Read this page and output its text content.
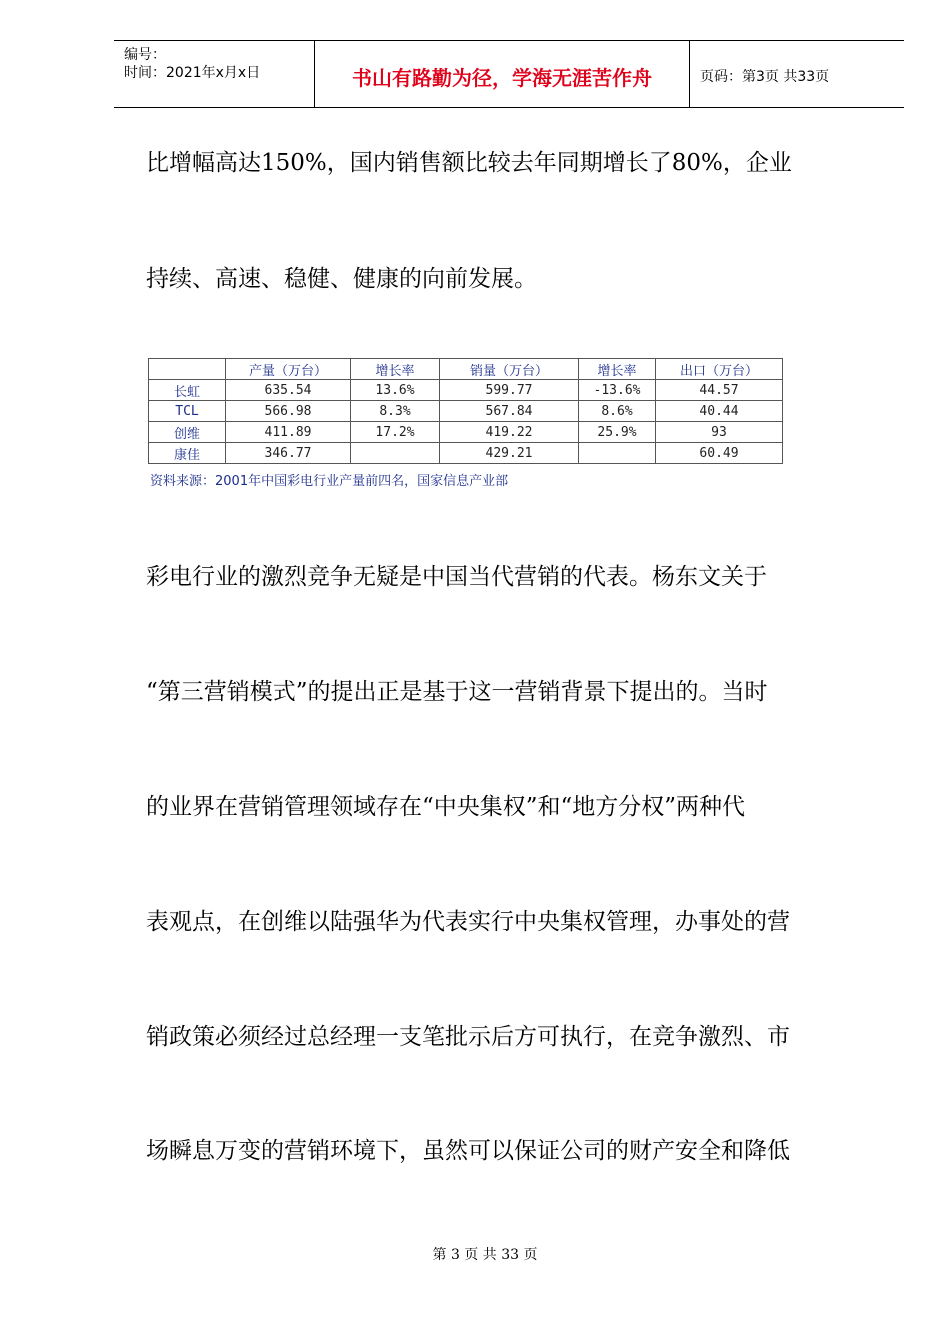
编号：
时间：2021年x月x日	书山有路勤为径，学海无涯苦作舟	页码：第3页 共33页
比增幅高达150%，国内销售额比较去年同期增长了80%，企业
持续、高速、稳健、健康的向前发展。
	产量（万台）	增长率	销量（万台）	增长率	出口（万台）
长虹	635.54	13.6%	599.77	-13.6%	44.57
TCL	566.98	8.3%	567.84	8.6%	40.44
创维	411.89	17.2%	419.22	25.9%	93
康佳	346.77		429.21		60.49
资料来源：2001年中国彩电行业产量前四名，国家信息产业部
彩电行业的激烈竞争无疑是中国当代营销的代表。杨东文关于
“第三营销模式”的提出正是基于这一营销背景下提出的。当时
的业界在营销管理领域存在“中央集权”和“地方分权”两种代
表观点，在创维以陆强华为代表实行中央集权管理，办事处的营
销政策必须经过总经理一支笔批示后方可执行，在竞争激烈、市
场瞬息万变的营销环境下，虽然可以保证公司的财产安全和降低
第 3 页 共 33 页
